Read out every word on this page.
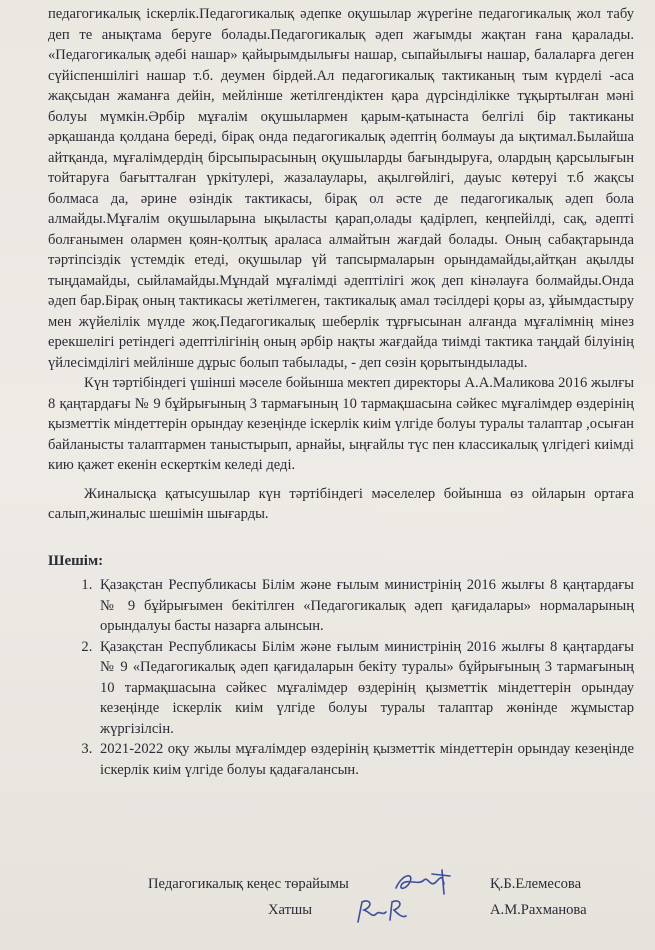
педагогикалық іскерлік.Педагогикалық әдепке оқушылар жүрегіне педагогикалық жол табу деп те анықтама беруге болады.Педагогикалық әдеп жағымды жақтан ғана қаралады. «Педагогикалық әдебі нашар» қайырымдылығы нашар, сыпайылығы нашар, балаларға деген сүйіспеншілігі нашар т.б. деумен бірдей.Ал педагогикалық тактиканың тым күрделі -аса жақсыдан жаманға дейін, мейлінше жетілгендіктен қара дүрсінділікке тұқыртылған мәні болуы мүмкін.Әрбір мұғалім оқушылармен қарым-қатынаста белгілі бір тактиканы әрқашанда қолдана береді, бірақ онда педагогикалық әдептің болмауы да ықтимал.Былайша айтқанда, мұғалімдердің бірсыпырасының оқушыларды бағындыруға, олардың қарсылығын тойтаруға бағытталған үркітулері, жазалаулары, ақылгөйлігі, дауыс көтеруі т.б жақсы болмаса да, әрине өзіндік тактикасы, бірақ ол әсте де педагогикалық әдеп бола алмайды.Мұғалім оқушыларына ықыласты қарап,олады қадірлеп, кеңпейілді, сақ, әдепті болғанымен олармен қоян-қолтық араласа алмайтын жағдай болады. Оның сабақтарында тәртіпсіздік үстемдік етеді, оқушылар үй тапсырмаларын орындамайды,айтқан ақылды тыңдамайды, сыйламайды.Мұндай мұғалімді әдептілігі жоқ деп кінәлауға болмайды.Онда әдеп бар.Бірақ оның тактикасы жетілмеген, тактикалық амал тәсілдері қоры аз, ұйымдастыру мен жүйелілік мүлде жоқ.Педагогикалық шеберлік тұрғысынан алғанда мұғалімнің мінез ерекшелігі ретіндегі әдептілігінің оның әрбір нақты жағдайда тиімді тактика таңдай білуінің үйлесімділігі мейлінше дұрыс болып табылады, - деп сөзін қорытындылады.

Күн тәртібіндегі үшінші мәселе бойынша мектеп директоры А.А.Маликова 2016 жылғы 8 қаңтардағы № 9 бұйрығының 3 тармағының 10 тармақшасына сәйкес мұғалімдер өздерінің қызметтік міндеттерін орындау кезеңінде іскерлік киім үлгіде болуы туралы талаптар ,осыған байланысты талаптармен таныстырып, арнайы, ыңғайлы түс пен классикалық үлгідегі киімді кию қажет екенін ескерткім келеді деді.

Жиналысқа қатысушылар күн тәртібіндегі мәселелер бойынша өз ойларын ортаға салып,жиналыс шешімін шығарды.

Шешім:

1. Қазақстан Республикасы Білім және ғылым министрінің 2016 жылғы 8 қаңтардағы № 9 бұйрығымен бекітілген «Педагогикалық әдеп қағидалары» нормаларының орындалуы басты назарға алынсын.
2. Қазақстан Республикасы Білім және ғылым министрінің 2016 жылғы 8 қаңтардағы № 9 «Педагогикалық әдеп қағидаларын бекіту туралы» бұйрығының 3 тармағының 10 тармақшасына сәйкес мұғалімдер өздерінің қызметтік міндеттерін орындау кезеңінде іскерлік киім үлгіде болуы туралы талаптар жөнінде жұмыстар жүргізілсін.
3. 2021-2022 оқу жылы мұғалімдер өздерінің қызметтік міндеттерін орындау кезеңінде іскерлік киім үлгіде болуы қадағалансын.
Педагогикалық кеңес төрайымы	Қ.Б.Елемесова
Хатшы	А.М.Рахманова
